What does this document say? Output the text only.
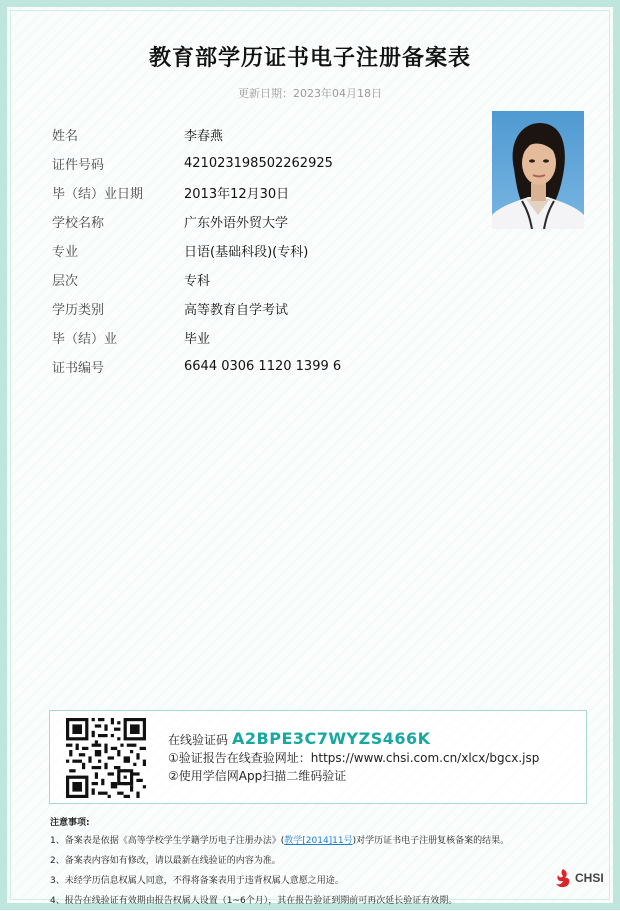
教育部学历证书电子注册备案表
更新日期：2023年04月18日
姓名	李春燕
证件号码	421023198502262925
毕（结）业日期	2013年12月30日
学校名称	广东外语外贸大学
专业	日语(基础科段)(专科)
层次	专科
学历类别	高等教育自学考试
毕（结）业	毕业
证书编号	6644 0306 1120 1399 6
在线验证码 A2BPE3C7WYZS466K
①验证报告在线查验网址：https://www.chsi.com.cn/xlcx/bgcx.jsp
②使用学信网App扫描二维码验证
注意事项:
1、备案表是依据《高等学校学生学籍学历电子注册办法》(教学[2014]11号)对学历证书电子注册复核备案的结果。
2、备案表内容如有修改，请以最新在线验证的内容为准。
3、未经学历信息权属人同意，不得将备案表用于违背权属人意愿之用途。
4、报告在线验证有效期由报告权属人设置（1~6个月），其在报告验证到期前可再次延长验证有效期。
CHSI
